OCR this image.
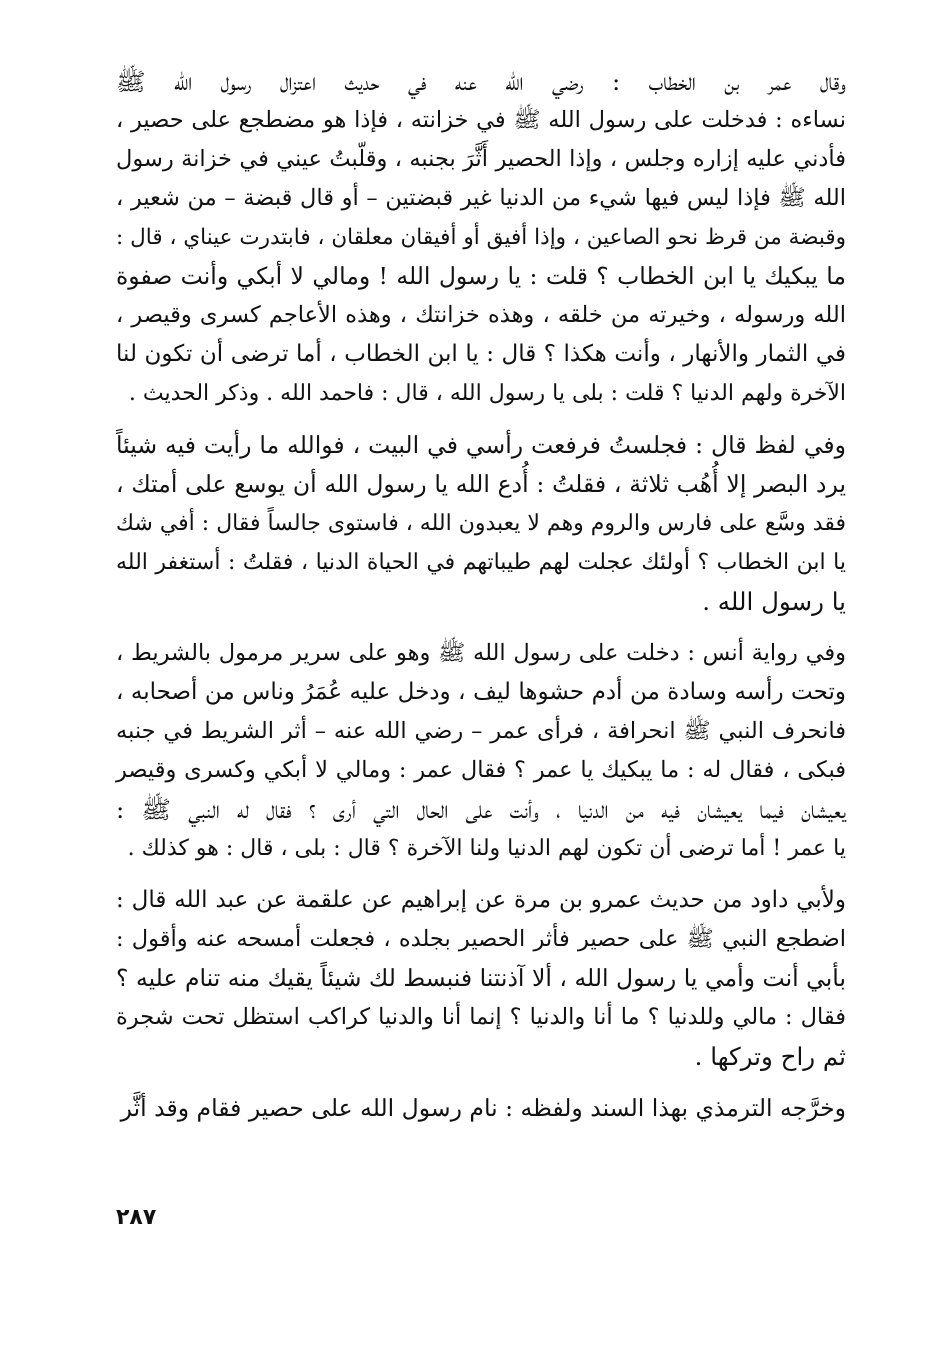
وقال عمر بن الخطاب : رضي الله عنه في حديث اعتزال رسول الله ﷺ
نساءه : فدخلت على رسول الله ﷺ في خزانته ، فإذا هو مضطجع على حصير ،
فأدني عليه إزاره وجلس ، وإذا الحصير أَثَّرَ بجنبه ، وقلّبتُ عيني في خزانة رسول
الله ﷺ فإذا ليس فيها شيء من الدنيا غير قبضتين – أو قال قبضة – من شعير ،
وقبضة من قرظ نحو الصاعين ، وإذا أفيق أو أفيقان معلقان ، فابتدرت عيناي ، قال :
ما يبكيك يا ابن الخطاب ؟ قلت : يا رسول الله ! ومالي لا أبكي وأنت صفوة
الله ورسوله ، وخيرته من خلقه ، وهذه خزانتك ، وهذه الأعاجم كسرى وقيصر ،
في الثمار والأنهار ، وأنت هكذا ؟ قال : يا ابن الخطاب ، أما ترضى أن تكون لنا
الآخرة ولهم الدنيا ؟ قلت : بلى يا رسول الله ، قال : فاحمد الله . وذكر الحديث .

وفي لفظ قال : فجلستُ فرفعت رأسي في البيت ، فوالله ما رأيت فيه شيئاً
يرد البصر إلا أُهُب ثلاثة ، فقلتُ : أُدع الله يا رسول الله أن يوسع على أمتك ،
فقد وسَّع على فارس والروم وهم لا يعبدون الله ، فاستوى جالساً فقال : أفي شك
يا ابن الخطاب ؟ أولئك عجلت لهم طيباتهم في الحياة الدنيا ، فقلتُ : أستغفر الله
يا رسول الله .

وفي رواية أنس : دخلت على رسول الله ﷺ وهو على سرير مرمول بالشريط ،
وتحت رأسه وسادة من أدم حشوها ليف ، ودخل عليه عُمَرُ وناس من أصحابه ،
فانحرف النبي ﷺ انحرافة ، فرأى عمر – رضي الله عنه – أثر الشريط في جنبه
فبكى ، فقال له : ما يبكيك يا عمر ؟ فقال عمر : ومالي لا أبكي وكسرى وقيصر
يعيشان فيما يعيشان فيه من الدنيا ، وأنت على الحال التي أرى ؟ فقال له النبي ﷺ :
يا عمر ! أما ترضى أن تكون لهم الدنيا ولنا الآخرة ؟ قال : بلى ، قال : هو كذلك .

ولأبي داود من حديث عمرو بن مرة عن إبراهيم عن علقمة عن عبد الله قال :
اضطجع النبي ﷺ على حصير فأثر الحصير بجلده ، فجعلت أمسحه عنه وأقول :
بأبي أنت وأمي يا رسول الله ، ألا آذنتنا فنبسط لك شيئاً يقيك منه تنام عليه ؟
فقال : مالي وللدنيا ؟ ما أنا والدنيا ؟ إنما أنا والدنيا كراكب استظل تحت شجرة
ثم راح وتركها .

وخرَّجه الترمذي بهذا السند ولفظه : نام رسول الله على حصير فقام وقد أثَّر

٢٨٧
